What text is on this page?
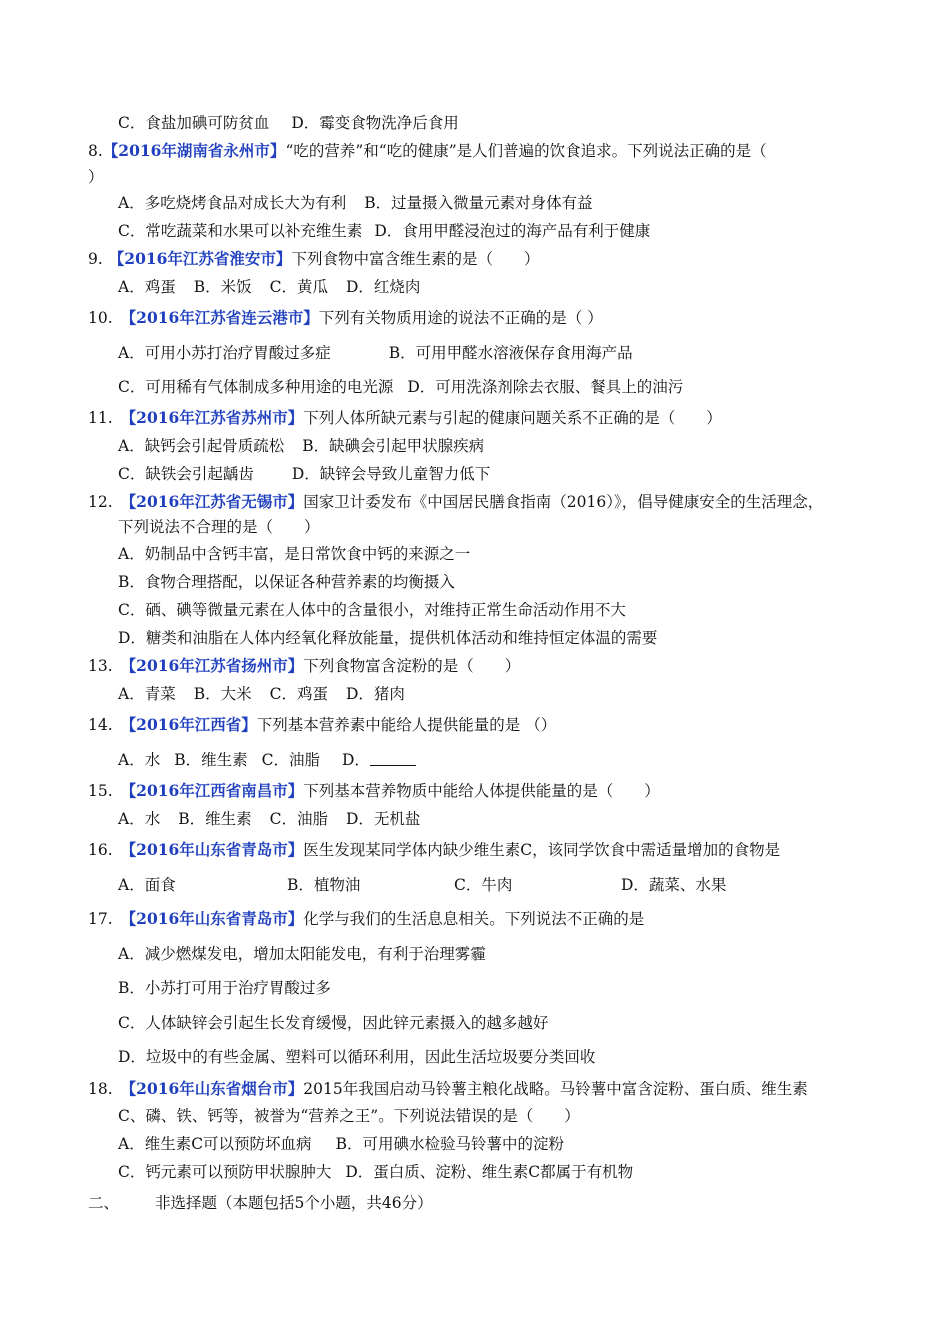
C．食盐加碘可防贫血 D．霉变食物洗净后食用
8.【2016年湖南省永州市】“吃的营养”和“吃的健康”是人们普遍的饮食追求。下列说法正确的是（
）
A．多吃烧烤食品对成长大为有利 B．过量摄入微量元素对身体有益
C．常吃蔬菜和水果可以补充维生素 D．食用甲醛浸泡过的海产品有利于健康
9. 【2016年江苏省淮安市】下列食物中富含维生素的是（　　）
A．鸡蛋 B．米饭 C．黄瓜 D．红烧肉
10. 【2016年江苏省连云港市】下列有关物质用途的说法不正确的是（ ）
A．可用小苏打治疗胃酸过多症	B．可用甲醛水溶液保存食用海产品
C．可用稀有气体制成多种用途的电光源 D．可用洗涤剂除去衣服、餐具上的油污
11. 【2016年江苏省苏州市】下列人体所缺元素与引起的健康问题关系不正确的是（　　）
A．缺钙会引起骨质疏松 B．缺碘会引起甲状腺疾病
C．缺铁会引起龋齿 D．缺锌会导致儿童智力低下
12. 【2016年江苏省无锡市】国家卫计委发布《中国居民膳食指南（2016）》，倡导健康安全的生活理念，
下列说法不合理的是（　　）
A．奶制品中含钙丰富，是日常饮食中钙的来源之一
B．食物合理搭配，以保证各种营养素的均衡摄入
C．硒、碘等微量元素在人体中的含量很小，对维持正常生命活动作用不大
D．糖类和油脂在人体内经氧化释放能量，提供机体活动和维持恒定体温的需要
13. 【2016年江苏省扬州市】下列食物富含淀粉的是（　　）
A．青菜 B．大米 C．鸡蛋 D．猪肉
14. 【2016年江西省】下列基本营养素中能给人提供能量的是 （）
A．水 B．维生素 C．油脂 D．
15. 【2016年江西省南昌市】下列基本营养物质中能给人体提供能量的是（　　）
A．水 B．维生素 C．油脂 D．无机盐
16. 【2016年山东省青岛市】医生发现某同学体内缺少维生素C，该同学饮食中需适量增加的食物是
A．面食	B．植物油	C．牛肉	D．蔬菜、水果
17. 【2016年山东省青岛市】化学与我们的生活息息相关。下列说法不正确的是
A．减少燃煤发电，增加太阳能发电，有利于治理雾霾
B．小苏打可用于治疗胃酸过多
C．人体缺锌会引起生长发育缓慢，因此锌元素摄入的越多越好
D．垃圾中的有些金属、塑料可以循环利用，因此生活垃圾要分类回收
18. 【2016年山东省烟台市】2015年我国启动马铃薯主粮化战略。马铃薯中富含淀粉、蛋白质、维生素
C、磷、铁、钙等，被誉为“营养之王”。下列说法错误的是（　　）
A．维生素C可以预防坏血病 B．可用碘水检验马铃薯中的淀粉
C．钙元素可以预防甲状腺肿大 D．蛋白质、淀粉、维生素C都属于有机物
二、 非选择题（本题包括5个小题，共46分）
